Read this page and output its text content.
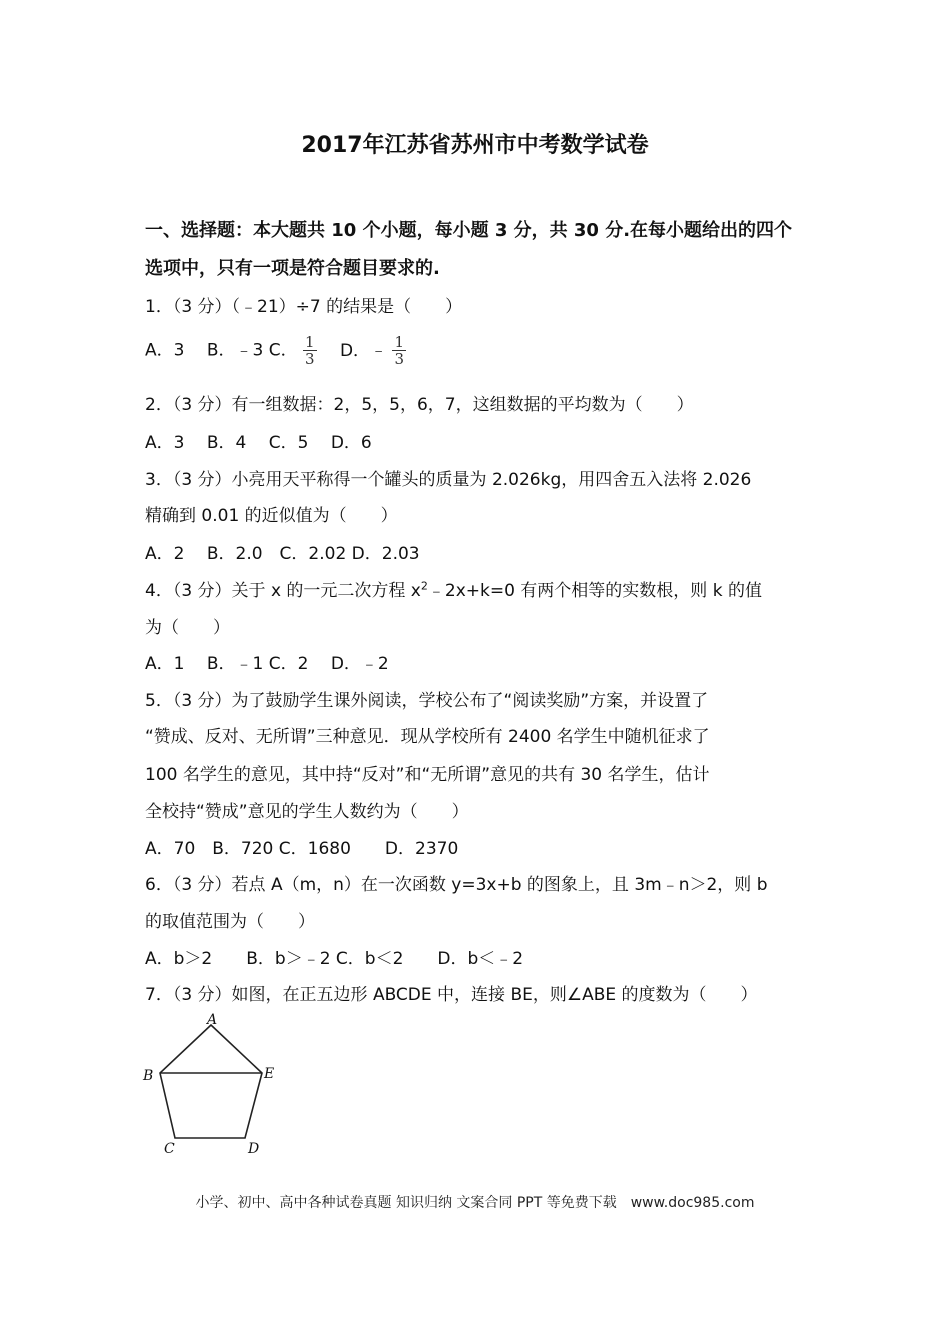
2017年江苏省苏州市中考数学试卷
一、选择题：本大题共 10 个小题，每小题 3 分，共 30 分.在每小题给出的四个
选项中，只有一项是符合题目要求的.
1．（3 分）（﹣21）÷7 的结果是（　　）
A．3　 B．﹣3 C． $\frac{1}{3}$ D．﹣ $\frac{1}{3}$
2．（3 分）有一组数据：2，5，5，6，7，这组数据的平均数为（　　）
A．3　 B．4　 C．5　 D．6
3．（3 分）小亮用天平称得一个罐头的质量为 2.026kg，用四舍五入法将 2.026
精确到 0.01 的近似值为（　　）
A．2　 B．2.0　C．2.02 D．2.03
4．（3 分）关于 x 的一元二次方程 $x^2﹣2x+k=0$ 有两个相等的实数根，则 k 的值
为（　　）
A．1　 B．﹣1 C．2　 D．﹣2
5．（3 分）为了鼓励学生课外阅读，学校公布了“阅读奖励”方案，并设置了
“赞成、反对、无所谓”三种意见．现从学校所有 2400 名学生中随机征求了
100 名学生的意见，其中持“反对”和“无所谓”意见的共有 30 名学生，估计
全校持“赞成”意见的学生人数约为（　　）
A．70　B．720 C．1680　　D．2370
6．（3 分）若点 A（m，n）在一次函数 y=3x+b 的图象上，且 3m﹣n＞2，则 b
的取值范围为（　　）
A．b＞2　　B．b＞﹣2 C．b＜2　　D．b＜﹣2
7．（3 分）如图，在正五边形 ABCDE 中，连接 BE，则∠ABE 的度数为（　　）
A
B	E
C	D
小学、初中、高中各种试卷真题 知识归纳 文案合同 PPT 等免费下载　www.doc985.com
